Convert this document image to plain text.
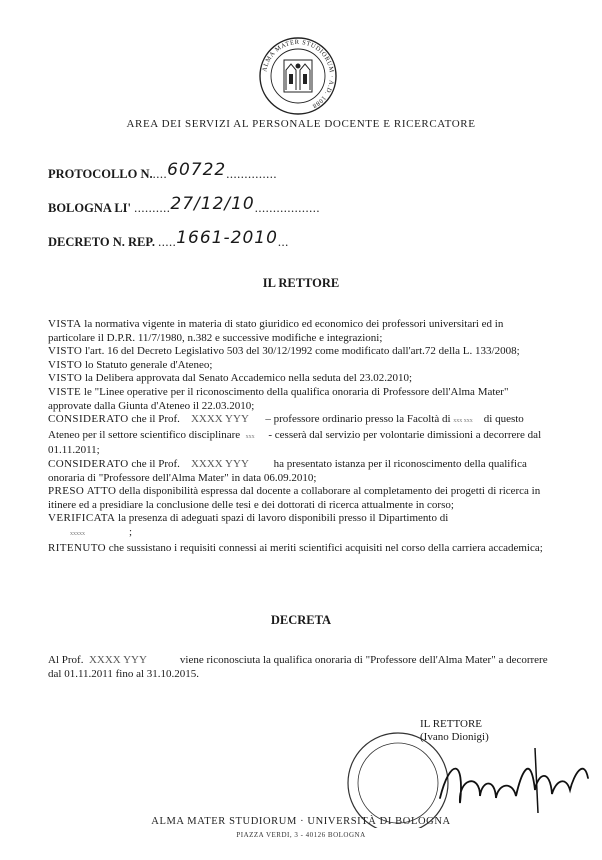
ALMA MATER STUDIORUM · A.D. 1088
AREA DEI SERVIZI AL PERSONALE DOCENTE E RICERCATORE
PROTOCOLLO N.....60722..............
BOLOGNA LI' ..........27/12/10..................
DECRETO N. REP. .....1661-2010...
IL RETTORE

VISTA la normativa vigente in materia di stato giuridico ed economico dei professori universitari ed in particolare il D.P.R. 11/7/1980, n.382 e successive modifiche e integrazioni;

VISTO l'art. 16 del Decreto Legislativo 503 del 30/12/1992 come modificato dall'art.72 della L. 133/2008;

VISTO lo Statuto generale d'Ateneo;

VISTO la Delibera approvata dal Senato Accademico nella seduta del 23.02.2010;

VISTE le "Linee operative per il riconoscimento della qualifica onoraria di Professore dell'Alma Mater" approvate dalla Giunta d'Ateneo il 22.03.2010;

CONSIDERATO che il Prof. XXXX YYY – professore ordinario presso la Facoltà di xxx xxx di questo Ateneo per il settore scientifico disciplinare xxx - cesserà dal servizio per volontarie dimissioni a decorrere dal 01.11.2011;

CONSIDERATO che il Prof. XXXX YYY ha presentato istanza per il riconoscimento della qualifica onoraria di "Professore dell'Alma Mater" in data 06.09.2010;

PRESO ATTO della disponibilità espressa dal docente a collaborare al completamento dei progetti di ricerca in itinere ed a presidiare la conclusione delle tesi e dei dottorati di ricerca attualmente in corso;

VERIFICATA la presenza di adeguati spazi di lavoro disponibili presso il Dipartimento di
xxxxx	;

RITENUTO che sussistano i requisiti connessi ai meriti scientifici acquisiti nel corso della carriera accademica;

DECRETA
Al Prof. XXXX YYY	viene riconosciuta la qualifica onoraria di "Professore dell'Alma Mater" a decorrere dal 01.11.2011 fino al 31.10.2015.
IL RETTORE
(Ivano Dionigi)
ALMA MATER STUDIORUM · UNIVERSITÀ DI BOLOGNA
PIAZZA VERDI, 3 - 40126 BOLOGNA
